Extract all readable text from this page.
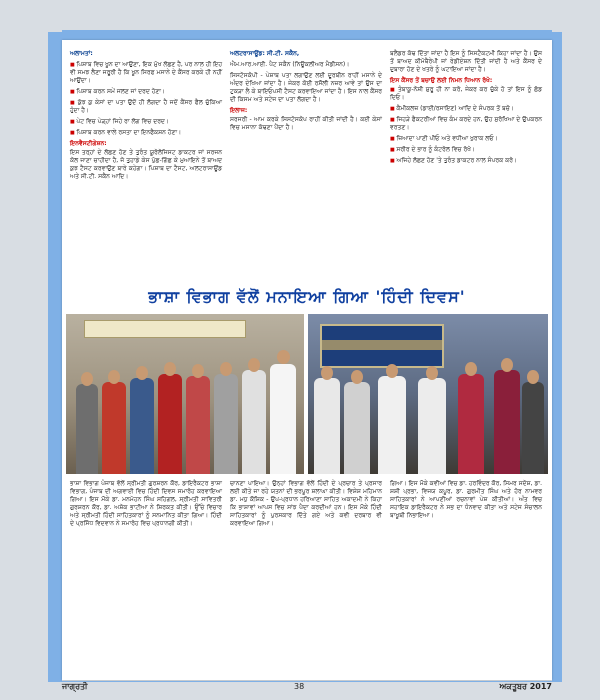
ਅਲਾਮਤਾਂ:

■ ਪਿਸ਼ਾਬ ਵਿਚ ਖੂਨ ਦਾ ਆਉਣਾ, ਇਕ ਮੁੱਖ ਲੱਛਣ ਹੈ, ਪਰ ਨਾਲ ਹੀ ਇਹ ਵੀ ਸਮਝ ਲੈਣਾ ਜਰੂਰੀ ਹੈ ਕਿ ਖੂਨ ਸਿਰਫ ਮਸਾਨੇ ਦੇ ਕੈਂਸਰ ਕਰਕੇ ਹੀ ਨਹੀਂ ਆਉਂਦਾ।

■ ਪਿਸ਼ਾਬ ਕਰਨ ਸਮੇਂ ਜਲਣ ਜਾਂ ਦਰਦ ਹੋਣਾ।

■ ਕੁੱਝ ਕੁ ਕੇਸਾਂ ਦਾ ਪਤਾ ਉਦੋਂ ਹੀ ਲੱਗਦਾ ਹੈ ਜਦੋਂ ਕੈਂਸਰ ਫੈਲ ਚੁੱਕਿਆ ਹੁੰਦਾ ਹੈ।

■ ਪੇਟ ਵਿਚ ਪੇੜ੍ਹਾਂ ਜਿਹੇ ਰਾ ਲੱਗ ਵਿਚ ਦਰਦ।

■ ਪਿਸ਼ਾਬ ਕਰਨ ਵਾਲੇ ਰਸਤਾ ਦਾ ਇਨਫੈਕਸ਼ਨ ਹੋਣਾ।

ਇਨਵੈਸਟੀਗੇਸ਼ਨ:

ਇਸ ਤਰ੍ਹਾਂ ਦੇ ਲੱਛਣ ਹੋਣ ਤੇ ਤੁਰੰਤ ਯੂਰੋਲੋਜਿਸਟ ਡਾਕਟਰ ਜਾਂ ਸਰਜਨ ਕੋਲ ਜਾਣਾ ਚਾਹੀਦਾ ਹੈ, ਜੋ ਤੁਹਾਡੇ ਕੇਸ ਪੁੱਛ-ਗਿੱਛ ਕੇ ਮੁਆਇਨੇ ਤੋਂ ਬਾਅਦ ਕੁਝ ਟੈਸਟ ਕਰਵਾਉਣ ਬਾਰੇ ਕਹੇਗਾ। ਪਿਸ਼ਾਬ ਦਾ ਟੈਸਟ, ਅਲਟਰਾਸਾਊਂਡ ਅਤੇ ਸੀ.ਟੀ. ਸਕੈਨ ਆਦਿ।

ਅਲਟਰਾਸਾਊਂਡ: ਸੀ.ਟੀ. ਸਕੈਨ,

ਐਮ.ਆਰ.ਆਈ. ਪੈਟ ਸਕੈਨ (ਨਿਊਕਲੀਅਰ ਮੈਡੀਸਨ)।

ਸਿਸਟੋਸਕੋਪੀ - ਪੇਸ਼ਾਬ ਪਤਾ ਲਗਾਉਣ ਲਈ ਦੂਰਬੀਨ ਰਾਹੀਂ ਮਸਾਨੇ ਦੇ ਅੰਦਰ ਦੇਖਿਆ ਜਾਂਦਾ ਹੈ। ਜੇਕਰ ਕੋਈ ਰਸੌਲੀ ਨਜ਼ਰ ਆਵੇ ਤਾਂ ਉਸ ਦਾ ਟੁਕੜਾ ਲੈ ਕੇ ਬਾਇਓਪਸੀ ਟੈਸਟ ਕਰਵਾਇਆ ਜਾਂਦਾ ਹੈ। ਇਸ ਨਾਲ ਕੈਂਸਰ ਦੀ ਕਿਸਮ ਅਤੇ ਸਟੇਜ ਦਾ ਪਤਾ ਲੱਗਦਾ ਹੈ।

ਇਲਾਜ:

ਸਰਜਰੀ - ਆਮ ਕਰਕੇ ਸਿਸਟੋਸਕੋਪ ਰਾਹੀਂ ਕੀਤੀ ਜਾਂਦੀ ਹੈ। ਕਈ ਕੇਸਾਂ ਵਿਚ ਮਸਾਨਾ ਕੱਢਣਾ ਪੈਂਦਾ ਹੈ।

ਬਲੈਡਰ ਕੱਢ ਦਿੱਤਾ ਜਾਂਦਾ ਹੈ ਇਸ ਨੂੰ ਸਿਸਟੈਕਟਮੀ ਕਿਹਾ ਜਾਂਦਾ ਹੈ। ਉਸ ਤੋਂ ਬਾਅਦ ਕੀਮੋਥੈਰੇਪੀ ਜਾਂ ਰੇਡੀਏਸ਼ਨ ਦਿੱਤੀ ਜਾਂਦੀ ਹੈ ਅਤੇ ਕੈਂਸਰ ਦੇ ਦੁਬਾਰਾ ਹੋਣ ਦੇ ਖਤਰੇ ਨੂੰ ਘਟਾਇਆ ਜਾਂਦਾ ਹੈ।

ਇਸ ਕੈਂਸਰ ਤੋਂ ਬਚਾਉ ਲਈ ਨਿਮਨ ਧਿਆਨ ਰੱਖੋ:

■ ਤੰਬਾਕੂ-ਨੋਸ਼ੀ ਸ਼ੁਰੂ ਹੀ ਨਾ ਕਰੋ, ਜੇਕਰ ਕਰ ਚੁੱਕੇ ਹੋ ਤਾਂ ਇਸ ਨੂੰ ਛੱਡ ਦਿਓ।

■ ਕੈਮੀਕਲਜ਼ (ਡਾਈ/ਰਸਾਇਣ) ਆਦਿ ਦੇ ਸੰਪਰਕ ਤੋਂ ਬਚੋ।

■ ਜਿਹੜੇ ਫੈਕਟਰੀਆਂ ਵਿਚ ਕੰਮ ਕਰਦੇ ਹਨ, ਉਹ ਸੁਰੱਖਿਆ ਦੇ ਉਪਕਰਨ ਵਰਤਣ।

■ ਜ਼ਿਆਦਾ ਪਾਣੀ ਪੀਓ ਅਤੇ ਵਧੀਆ ਖੁਰਾਕ ਲਓ।

■ ਸਰੀਰ ਦੇ ਭਾਰ ਨੂੰ ਕੰਟਰੋਲ ਵਿਚ ਰੱਖੋ।

■ ਅਜਿਹੇ ਲੱਛਣ ਹੋਣ 'ਤੇ ਤੁਰੰਤ ਡਾਕਟਰ ਨਾਲ ਸੰਪਰਕ ਕਰੋ।

ਭਾਸ਼ਾ ਵਿਭਾਗ ਵੱਲੋਂ ਮਨਾਇਆ ਗਿਆ 'ਹਿੰਦੀ ਦਿਵਸ'

ਭਾਸ਼ਾ ਵਿਭਾਗ ਪੰਜਾਬ ਵੱਲੋਂ ਸ੍ਰੀਮਤੀ ਗੁਰਸ਼ਰਨ ਕੌਰ, ਡਾਇਰੈਕਟਰ ਭਾਸ਼ਾ ਵਿਭਾਗ, ਪੰਜਾਬ ਦੀ ਅਗਵਾਈ ਵਿਚ ਹਿੰਦੀ ਦਿਵਸ ਸਮਾਰੋਹ ਕਰਵਾਇਆ ਗਿਆ। ਇਸ ਮੌਕੇ ਡਾ. ਮਨਮੋਹਨ ਸਿੰਘ ਸਹਿਗਲ, ਸ੍ਰੀਮਤੀ ਸਾਵਿਤਰੀ ਗੁਰਸ਼ਰਨ ਕੌਰ, ਡਾ. ਅਸ਼ੋਕ ਭਾਟੀਆ ਨੇ ਸ਼ਿਰਕਤ ਕੀਤੀ। ਉੱਚੇ ਵਿਚਾਰ ਅਤੇ ਸ੍ਰੀਮਤੀ ਹਿੰਦੀ ਸਾਹਿਤਕਾਰਾਂ ਨੂੰ ਸਨਮਾਨਿਤ ਕੀਤਾ ਗਿਆ। ਹਿੰਦੀ ਦੇ ਪ੍ਰਸਿੱਧ ਵਿਦਵਾਨ ਨੇ ਸਮਾਰੋਹ ਵਿਚ ਪ੍ਰਧਾਨਗੀ ਕੀਤੀ।

ਚਾਨਣਾ ਪਾਇਆ। ਉਨ੍ਹਾਂ ਵਿਭਾਗ ਵੱਲੋਂ ਹਿੰਦੀ ਦੇ ਪ੍ਰਚਾਰ ਤੇ ਪ੍ਰਸਾਰ ਲਈ ਕੀਤੇ ਜਾ ਰਹੇ ਯਤਨਾਂ ਦੀ ਭਰਪੂਰ ਸ਼ਲਾਘਾ ਕੀਤੀ। ਵਿਸ਼ੇਸ਼ ਮਹਿਮਾਨ ਡਾ. ਮਧੁ ਕੌਸ਼ਿਕ - ਉਪ-ਪ੍ਰਧਾਨ ਹਰਿਆਣਾ ਸਾਹਿਤ ਅਕਾਦਮੀ ਨੇ ਕਿਹਾ ਕਿ ਭਾਸ਼ਾਵਾਂ ਆਪਸ ਵਿਚ ਸਾਂਝ ਪੈਦਾ ਕਰਦੀਆਂ ਹਨ। ਇਸ ਮੌਕੇ ਹਿੰਦੀ ਸਾਹਿਤਕਾਰਾਂ ਨੂੰ ਪੁਰਸਕਾਰ ਦਿੱਤੇ ਗਏ ਅਤੇ ਕਵੀ ਦਰਬਾਰ ਵੀ ਕਰਵਾਇਆ ਗਿਆ।

ਗਿਆ। ਇਸ ਮੌਕੇ ਕਵੀਆਂ ਵਿਚ ਡਾ. ਹਰਵਿੰਦਰ ਕੌਰ, ਸਿਮਰ ਸਦੋਸ਼, ਡਾ. ਸ਼ਸ਼ੀ ਪ੍ਰਭਾ, ਵਿਜਯ ਕਪੂਰ, ਡਾ. ਗੁਰਮੀਤ ਸਿੰਘ ਅਤੇ ਹੋਰ ਨਾਮਵਰ ਸਾਹਿਤਕਾਰਾਂ ਨੇ ਆਪਣੀਆਂ ਰਚਨਾਵਾਂ ਪੇਸ਼ ਕੀਤੀਆਂ। ਅੰਤ ਵਿਚ ਸਹਾਇਕ ਡਾਇਰੈਕਟਰ ਨੇ ਸਭ ਦਾ ਧੰਨਵਾਦ ਕੀਤਾ ਅਤੇ ਸਟੇਜ ਸੰਚਾਲਨ ਬਾਖੂਬੀ ਨਿਭਾਇਆ।

ਜਾਗ੍ਰਤੀ	38	ਅਕਤੂਬਰ 2017
